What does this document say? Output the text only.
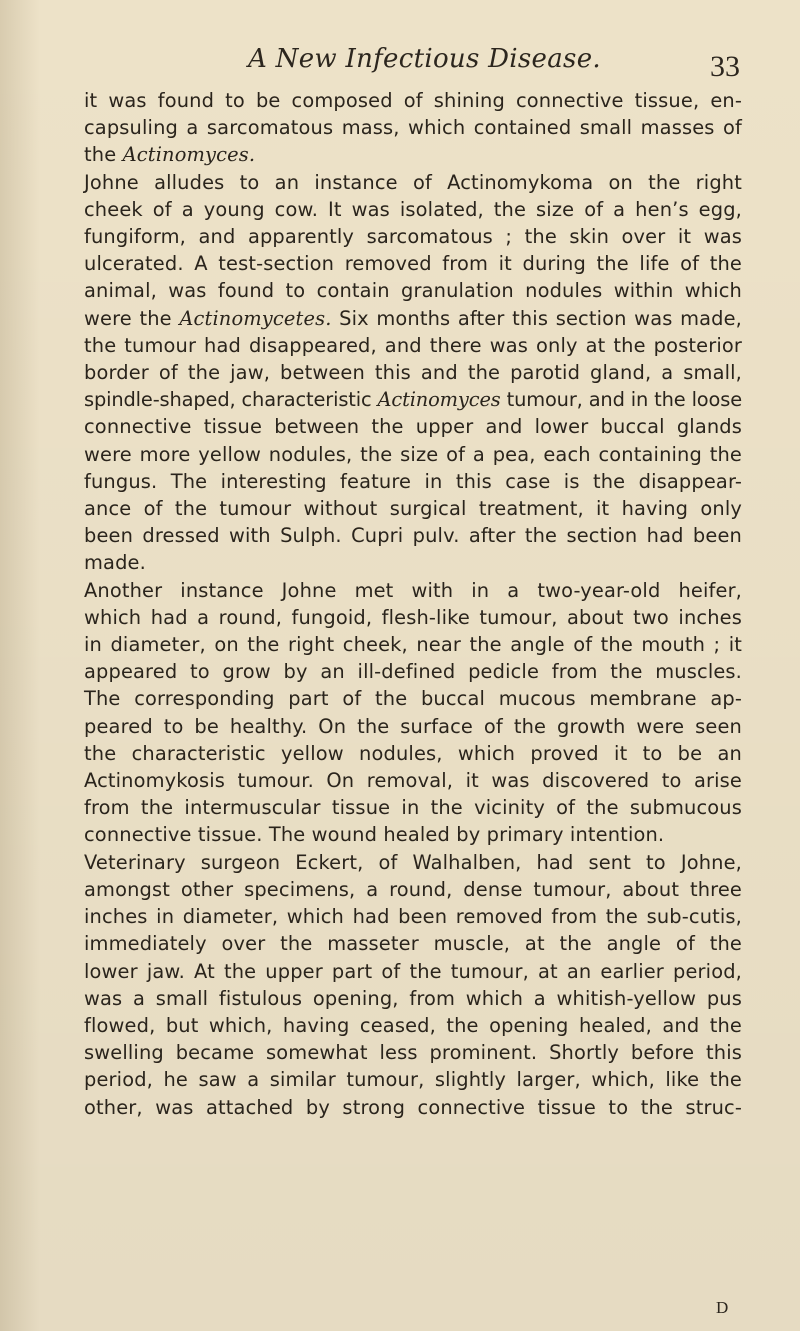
A New Infectious Disease.	33
it was found to be composed of shining connective tissue, en-
capsuling a sarcomatous mass, which contained small masses of
the Actinomyces.
Johne alludes to an instance of Actinomykoma on the right
cheek of a young cow. It was isolated, the size of a hen’s egg,
fungiform, and apparently sarcomatous ; the skin over it was
ulcerated. A test-section removed from it during the life of the
animal, was found to contain granulation nodules within which
were the Actinomycetes. Six months after this section was made,
the tumour had disappeared, and there was only at the posterior
border of the jaw, between this and the parotid gland, a small,
spindle-shaped, characteristic Actinomyces tumour, and in the loose
connective tissue between the upper and lower buccal glands
were more yellow nodules, the size of a pea, each containing the
fungus. The interesting feature in this case is the disappear-
ance of the tumour without surgical treatment, it having only
been dressed with Sulph. Cupri pulv. after the section had been
made.
Another instance Johne met with in a two-year-old heifer,
which had a round, fungoid, flesh-like tumour, about two inches
in diameter, on the right cheek, near the angle of the mouth ; it
appeared to grow by an ill-defined pedicle from the muscles.
The corresponding part of the buccal mucous membrane ap-
peared to be healthy. On the surface of the growth were seen
the characteristic yellow nodules, which proved it to be an
Actinomykosis tumour. On removal, it was discovered to arise
from the intermuscular tissue in the vicinity of the submucous
connective tissue. The wound healed by primary intention.
Veterinary surgeon Eckert, of Walhalben, had sent to Johne,
amongst other specimens, a round, dense tumour, about three
inches in diameter, which had been removed from the sub-cutis,
immediately over the masseter muscle, at the angle of the
lower jaw. At the upper part of the tumour, at an earlier period,
was a small fistulous opening, from which a whitish-yellow pus
flowed, but which, having ceased, the opening healed, and the
swelling became somewhat less prominent. Shortly before this
period, he saw a similar tumour, slightly larger, which, like the
other, was attached by strong connective tissue to the struc-
D
